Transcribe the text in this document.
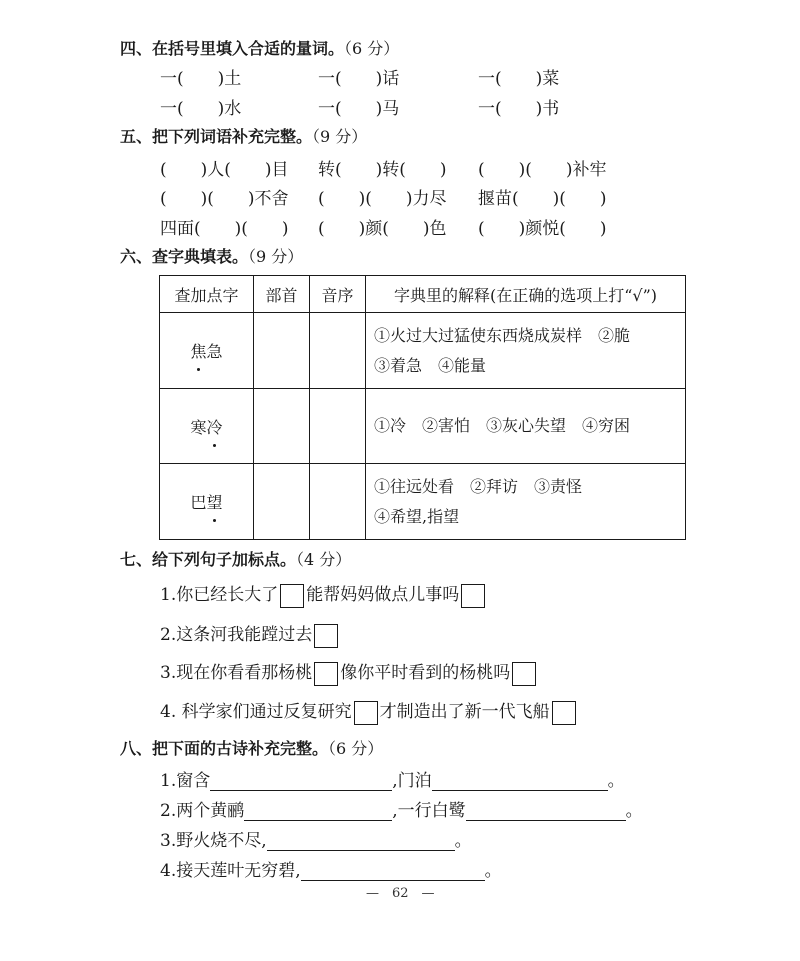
四、在括号里填入合适的量词。（6 分）
一(　　)土	一(　　)话	一(　　)菜
一(　　)水	一(　　)马	一(　　)书
五、把下列词语补充完整。（9 分）
(　　)人(　　)目 转(　　)转(　　) (　　)(　　)补牢
(　　)(　　)不舍 (　　)(　　)力尽 揠苗(　　)(　　)
四面(　　)(　　) (　　)颜(　　)色 (　　)颜悦(　　)
六、查字典填表。（9 分）
查加点字	部首	音序	字典里的解释(在正确的选项上打“√”)
焦急			①火过大过猛使东西烧成炭样　②脆
③着急　④能量

寒冷			①冷　②害怕　③灰心失望　④穷困

巴望			①往远处看　②拜访　③责怪
④希望,指望
七、给下列句子加标点。（4 分）
1.你已经长大了 能帮妈妈做点儿事吗
2.这条河我能蹚过去
3.现在你看看那杨桃 像你平时看到的杨桃吗
4. 科学家们通过反复研究 才制造出了新一代飞船
八、把下面的古诗补充完整。（6 分）
1.窗含	,门泊	。
2.两个黄鹂	,一行白鹭	。
3.野火烧不尽,	。
4.接天莲叶无穷碧,	。
—　62　—
